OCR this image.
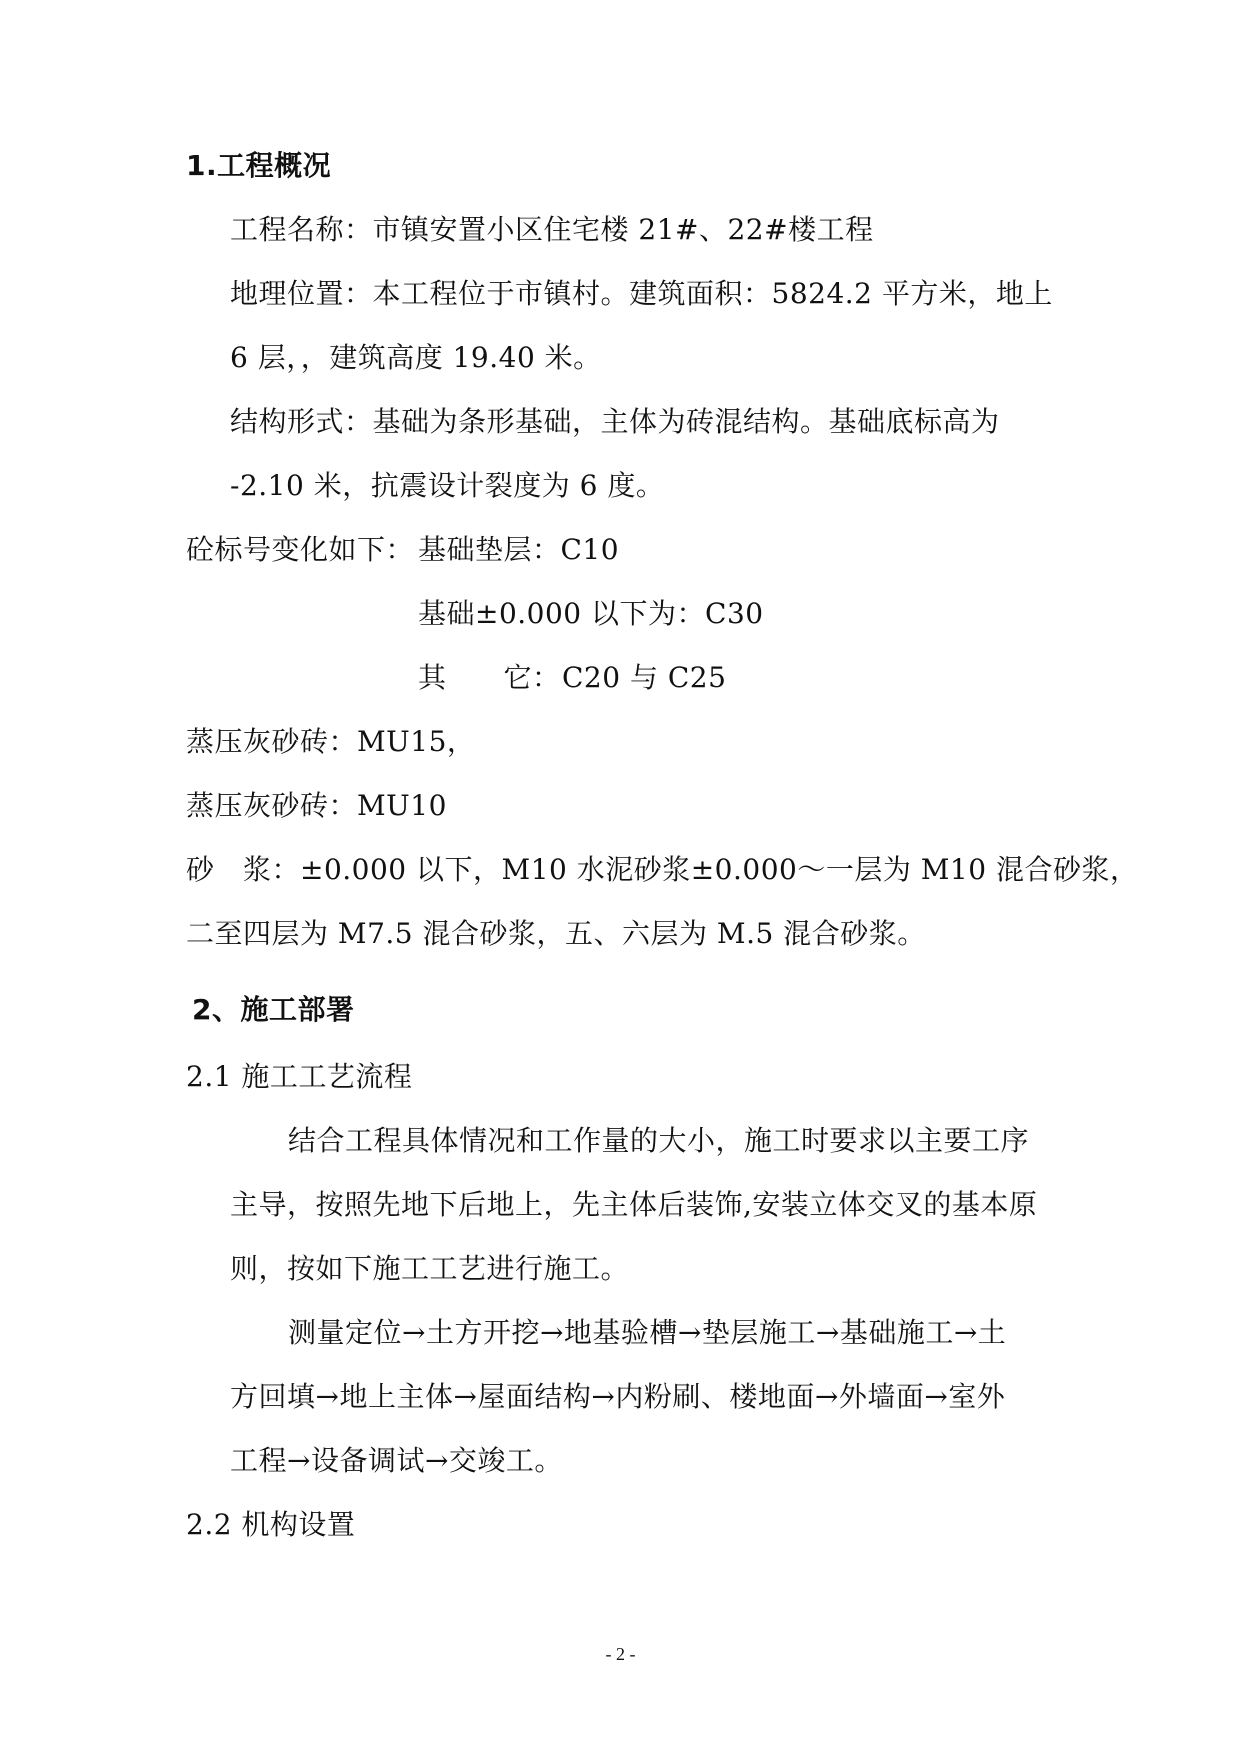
1.工程概况
工程名称：市镇安置小区住宅楼 21#、22#楼工程
地理位置：本工程位于市镇村。建筑面积：5824.2 平方米，地上
6 层，，建筑高度 19.40 米。
结构形式：基础为条形基础，主体为砖混结构。基础底标高为
-2.10 米，抗震设计裂度为 6 度。
砼标号变化如下： 基础垫层：C10
基础±0.000 以下为：C30
其　　它： C20 与 C25
蒸压灰砂砖：MU15，
蒸压灰砂砖：MU10
砂　浆：±0.000 以下，M10 水泥砂浆±0.000～一层为 M10 混合砂浆，
二至四层为 M7.5 混合砂浆，五、六层为 M.5 混合砂浆。
2、施工部署
2.1 施工工艺流程
结合工程具体情况和工作量的大小，施工时要求以主要工序
主导，按照先地下后地上，先主体后装饰,安装立体交叉的基本原
则，按如下施工工艺进行施工。
测量定位→土方开挖→地基验槽→垫层施工→基础施工→土
方回填→地上主体→屋面结构→内粉刷、楼地面→外墙面→室外
工程→设备调试→交竣工。
2.2 机构设置
- 2 -
